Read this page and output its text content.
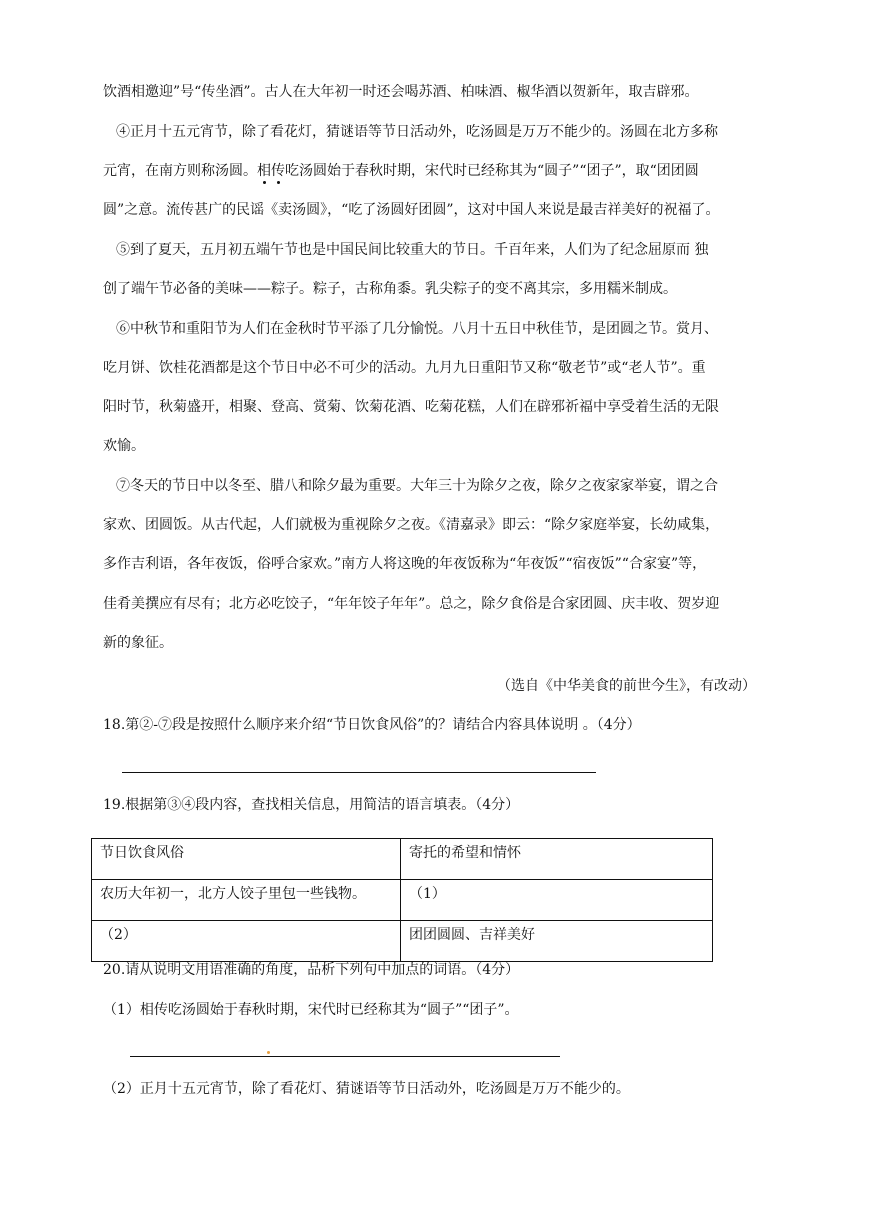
饮酒相邀迎”号“传坐酒”。古人在大年初一时还会喝苏酒、柏味酒、椒华酒以贺新年，取吉辟邪。
④正月十五元宵节，除了看花灯，猜谜语等节日活动外，吃汤圆是万万不能少的。汤圆在北方多称
元宵，在南方则称汤圆。相传吃汤圆始于春秋时期，宋代时已经称其为“圆子”“团子”，取“团团圆
圆”之意。流传甚广的民谣《卖汤圆》，“吃了汤圆好团圆”，这对中国人来说是最吉祥美好的祝福了。
⑤到了夏天，五月初五端午节也是中国民间比较重大的节日。千百年来，人们为了纪念屈原而 独
创了端午节必备的美味——粽子。粽子，古称角黍。乳尖粽子的变不离其宗，多用糯米制成。
⑥中秋节和重阳节为人们在金秋时节平添了几分愉悦。八月十五日中秋佳节，是团圆之节。赏月、
吃月饼、饮桂花酒都是这个节日中必不可少的活动。九月九日重阳节又称“敬老节”或“老人节”。重
阳时节，秋菊盛开，相聚、登高、赏菊、饮菊花酒、吃菊花糕，人们在辟邪祈福中享受着生活的无限
欢愉。
⑦冬天的节日中以冬至、腊八和除夕最为重要。大年三十为除夕之夜，除夕之夜家家举宴，谓之合
家欢、团圆饭。从古代起，人们就极为重视除夕之夜。《清嘉录》即云：“除夕家庭举宴，长幼咸集，
多作吉利语，各年夜饭，俗呼合家欢。”南方人将这晚的年夜饭称为“年夜饭”“宿夜饭”“合家宴”等，
佳肴美撰应有尽有；北方必吃饺子，“年年饺子年年”。总之，除夕食俗是合家团圆、庆丰收、贺岁迎
新的象征。
（选自《中华美食的前世今生》，有改动）
18.第②-⑦段是按照什么顺序来介绍“节日饮食风俗”的？请结合内容具体说明 。（4分）
19.根据第③④段内容，查找相关信息，用简洁的语言填表。（4分）
节日饮食风俗	寄托的希望和情怀
农历大年初一，北方人饺子里包一些钱物。	（1）
（2）	团团圆圆、吉祥美好
20.请从说明文用语准确的角度，品析下列句中加点的词语。（4分）
（1）相传吃汤圆始于春秋时期，宋代时已经称其为“圆子”“团子”。
（2）正月十五元宵节，除了看花灯、猜谜语等节日活动外，吃汤圆是万万不能少的。
